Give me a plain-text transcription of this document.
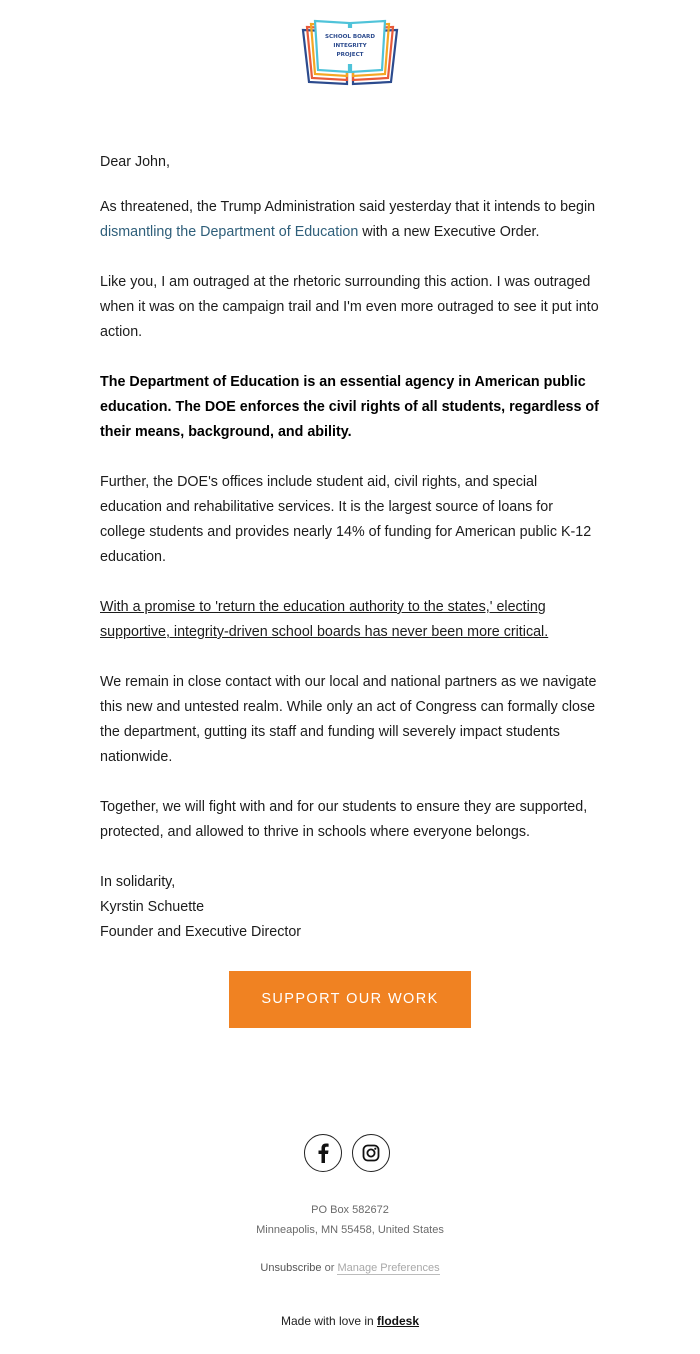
SCHOOL BOARD
INTEGRITY
PROJECT

Dear John,

As threatened, the Trump Administration said yesterday that it intends to begin dismantling the Department of Education with a new Executive Order.

Like you, I am outraged at the rhetoric surrounding this action. I was outraged when it was on the campaign trail and I'm even more outraged to see it put into action.

The Department of Education is an essential agency in American public education. The DOE enforces the civil rights of all students, regardless of their means, background, and ability.

Further, the DOE's offices include student aid, civil rights, and special education and rehabilitative services. It is the largest source of loans for college students and provides nearly 14% of funding for American public K-12 education.

With a promise to 'return the education authority to the states,' electing supportive, integrity-driven school boards has never been more critical.

We remain in close contact with our local and national partners as we navigate this new and untested realm. While only an act of Congress can formally close the department, gutting its staff and funding will severely impact students nationwide.

Together, we will fight with and for our students to ensure they are supported, protected, and allowed to thrive in schools where everyone belongs.

In solidarity,
Kyrstin Schuette
Founder and Executive Director

SUPPORT OUR WORK
PO Box 582672
Minneapolis, MN 55458, United States
Unsubscribe or Manage Preferences
Made with love in flodesk
